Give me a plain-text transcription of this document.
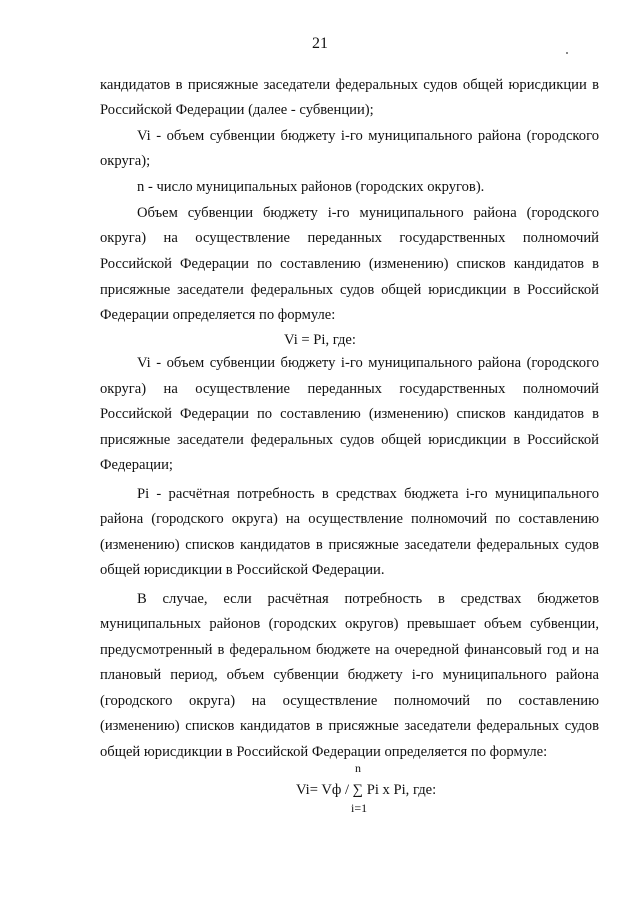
21
кандидатов в присяжные заседатели федеральных судов общей юрисдикции в
Российской Федерации (далее - субвенции);
Vi - объем субвенции бюджету i-го муниципального района (городского
округа);
n - число муниципальных районов (городских округов).
Объем субвенции бюджету i-го муниципального района (городского
округа) на осуществление переданных государственных полномочий
Российской Федерации по составлению (изменению) списков кандидатов в
присяжные заседатели федеральных судов общей юрисдикции в Российской
Федерации определяется по формуле:
Vi = Pi, где:
Vi - объем субвенции бюджету i-го муниципального района (городского
округа) на осуществление переданных государственных полномочий
Российской Федерации по составлению (изменению) списков кандидатов в
присяжные заседатели федеральных судов общей юрисдикции в Российской
Федерации;
Pi - расчётная потребность в средствах бюджета i-го муниципального
района (городского округа) на осуществление полномочий по составлению
(изменению) списков кандидатов в присяжные заседатели федеральных судов
общей юрисдикции в Российской Федерации.
В случае, если расчётная потребность в средствах бюджетов
муниципальных районов (городских округов) превышает объем субвенции,
предусмотренный в федеральном бюджете на очередной финансовый год и на
плановый период, объем субвенции бюджету i-го муниципального района
(городского округа) на осуществление полномочий по составлению
(изменению) списков кандидатов в присяжные заседатели федеральных судов
общей юрисдикции в Российской Федерации определяется по формуле:
n
Vi= Vф / ∑ Pi x Pi, где:
i=1
